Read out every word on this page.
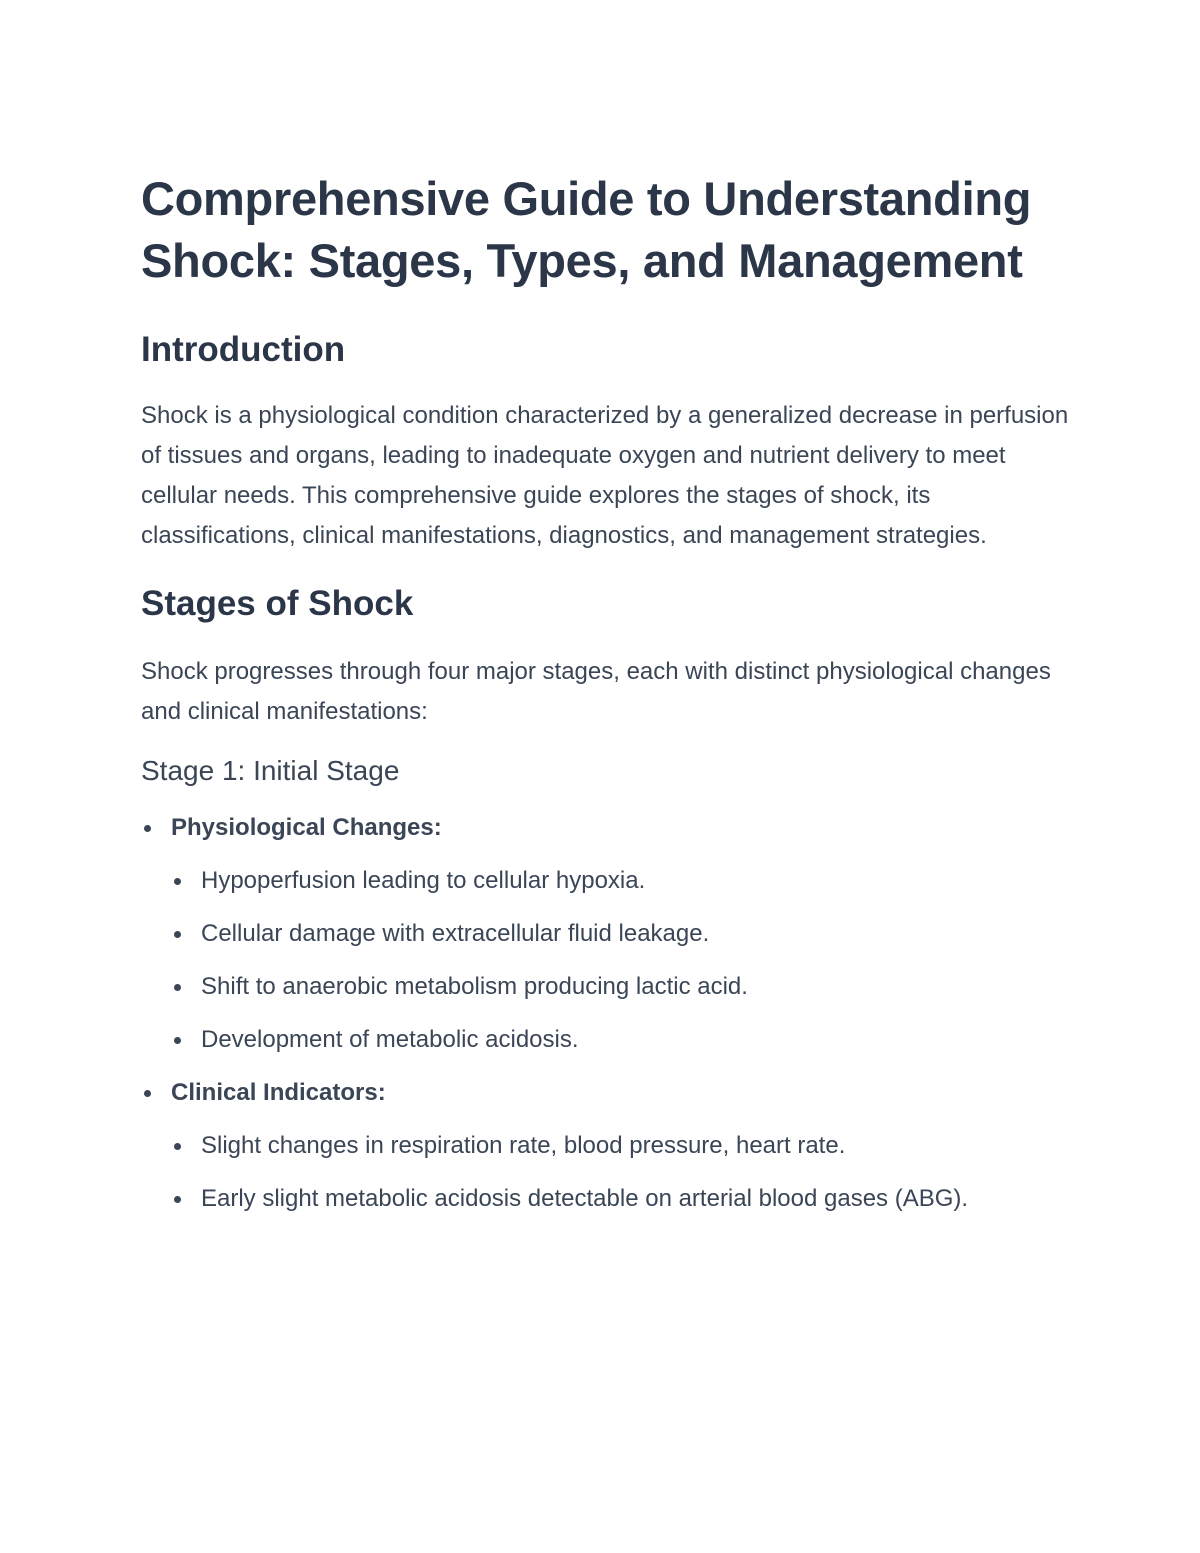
Comprehensive Guide to Understanding Shock: Stages, Types, and Management
Introduction

Shock is a physiological condition characterized by a generalized decrease in perfusion of tissues and organs, leading to inadequate oxygen and nutrient delivery to meet cellular needs. This comprehensive guide explores the stages of shock, its classifications, clinical manifestations, diagnostics, and management strategies.

Stages of Shock

Shock progresses through four major stages, each with distinct physiological changes and clinical manifestations:

Stage 1: Initial Stage
Physiological Changes:
Hypoperfusion leading to cellular hypoxia.
Cellular damage with extracellular fluid leakage.
Shift to anaerobic metabolism producing lactic acid.
Development of metabolic acidosis.
Clinical Indicators:
Slight changes in respiration rate, blood pressure, heart rate.
Early slight metabolic acidosis detectable on arterial blood gases (ABG).
